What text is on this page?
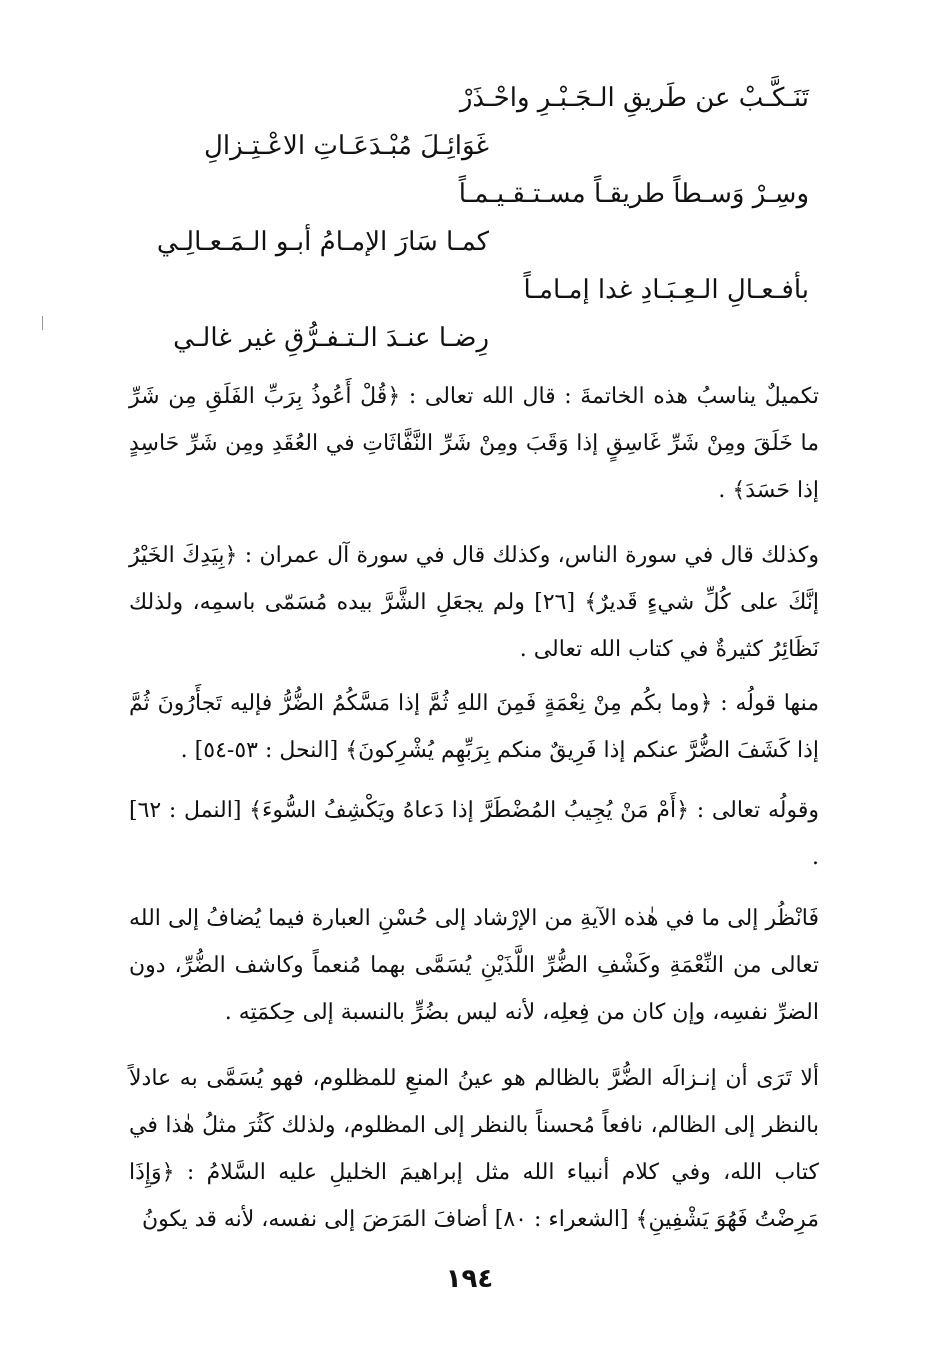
تَنَـكَّـبْ عن طَريقِ الـجَـبْـرِ واحْـذَرْ
غَوَائِـلَ مُبْـدَعَـاتِ الاعْـتِـزالِ
وسِـرْ وَسـطاً طريقـاً مسـتـقـيـمـاً
كمـا سَارَ الإمـامُ أبـو الـمَـعـالِـي
بأفـعـالِ الـعِـبَـادِ غدا إمـامـاً
رِضـا عنـدَ الـتـفـرُّقِ غير غالـي

تكميلٌ يناسبُ هذه الخاتمةَ : قال الله تعالى : ﴿قُلْ أَعُوذُ بِرَبِّ الفَلَقِ مِن شَرِّ ما خَلَقَ ومِنْ شَرِّ غَاسِقٍ إذا وَقَبَ ومِنْ شَرِّ النَّفَّاثَاتِ في العُقَدِ ومِن شَرِّ حَاسِدٍ إذا حَسَدَ﴾ .

وكذلك قال في سورة الناس، وكذلك قال في سورة آل عمران : ﴿بِيَدِكَ الخَيْرُ إنَّكَ على كُلِّ شيءٍ قَديرٌ﴾ [٢٦] ولم يجعَلِ الشَّرَّ بيده مُسَمّى باسمِه، ولذلك نَظَائِرُ كثيرةٌ في كتاب الله تعالى .

منها قولُه : ﴿وما بكُم مِنْ نِعْمَةٍ فَمِنَ اللهِ ثُمَّ إذا مَسَّكُمُ الضُّرُّ فإليه تَجأَرُونَ ثُمَّ إذا كَشَفَ الضُّرَّ عنكم إذا فَرِيقٌ منكم بِرَبِّهِم يُشْرِكونَ﴾ [النحل : ٥٣-٥٤] .

وقولُه تعالى : ﴿أَمْ مَنْ يُجِيبُ المُضْطَرَّ إذا دَعاهُ ويَكْشِفُ السُّوءَ﴾ [النمل : ٦٢] .

فَانْظُر إلى ما في هٰذه الآيةِ من الإرْشاد إلى حُسْنِ العبارة فيما يُضافُ إلى الله تعالى من النِّعْمَةِ وكَشْفِ الضُّرِّ اللَّذَيْنِ يُسَمَّى بهما مُنعماً وكاشف الضُّرِّ، دون الضرِّ نفسِه، وإن كان من فِعلِه، لأنه ليس بضُرٍّ بالنسبة إلى حِكمَتِه .

ألا تَرَى أن إنـزالَه الضُّرَّ بالظالم هو عينُ المنعِ للمظلوم، فهو يُسَمَّى به عادلاً بالنظر إلى الظالم، نافعاً مُحسناً بالنظر إلى المظلوم، ولذلك كَثُرَ مثلُ هٰذا في كتاب الله، وفي كلام أنبياء الله مثل إبراهيمَ الخليلِ عليه السَّلامُ : ﴿وَإِذَا مَرِضْتُ فَهُوَ يَشْفِينِ﴾ [الشعراء : ٨٠] أضافَ المَرَضَ إلى نفسه، لأنه قد يكونُ

١٩٤
